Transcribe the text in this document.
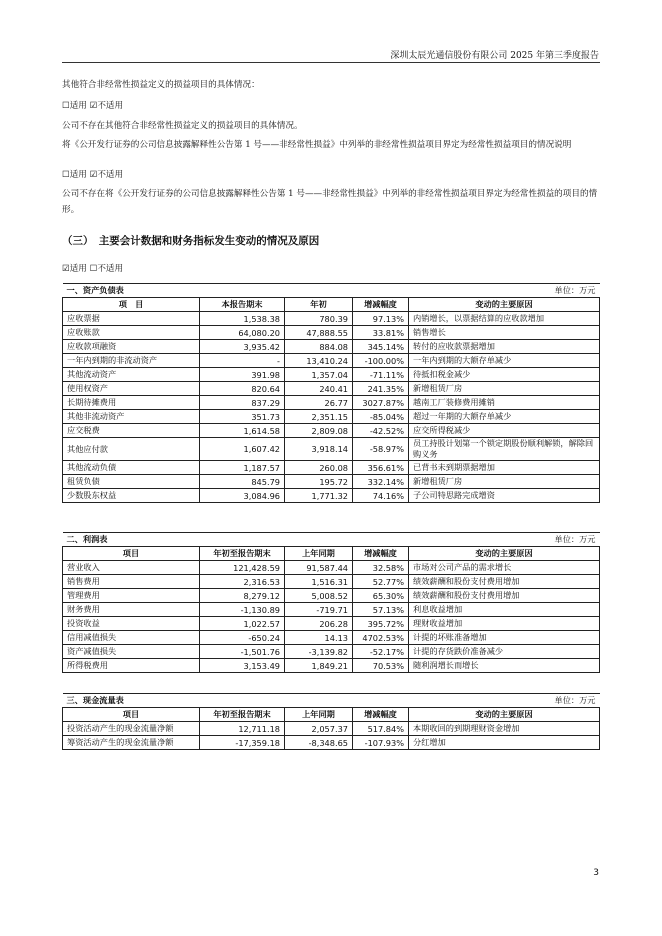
深圳太辰光通信股份有限公司 2025 年第三季度报告
其他符合非经常性损益定义的损益项目的具体情况：
☐适用 ☑不适用
公司不存在其他符合非经常性损益定义的损益项目的具体情况。
将《公开发行证券的公司信息披露解释性公告第 1 号——非经常性损益》中列举的非经常性损益项目界定为经常性损益项目的情况说明
☐适用 ☑不适用
公司不存在将《公开发行证券的公司信息披露解释性公告第 1 号——非经常性损益》中列举的非经常性损益项目界定为经常性损益的项目的情形。
（三）　主要会计数据和财务指标发生变动的情况及原因
☑适用 ☐不适用
一、资产负债表				单位：万元
项　目	本报告期末	年初	增减幅度	变动的主要原因
应收票据	1,538.38	780.39	97.13%	内销增长，以票据结算的应收款增加
应收账款	64,080.20	47,888.55	33.81%	销售增长
应收款项融资	3,935.42	884.08	345.14%	转付的应收款票据增加
一年内到期的非流动资产	-	13,410.24	-100.00%	一年内到期的大额存单减少
其他流动资产	391.98	1,357.04	-71.11%	待抵扣税金减少
使用权资产	820.64	240.41	241.35%	新增租赁厂房
长期待摊费用	837.29	26.77	3027.87%	越南工厂装修费用摊销
其他非流动资产	351.73	2,351.15	-85.04%	超过一年期的大额存单减少
应交税费	1,614.58	2,809.08	-42.52%	应交所得税减少
其他应付款	1,607.42	3,918.14	-58.97%	员工持股计划第一个锁定期股份顺利解锁，解除回购义务
其他流动负债	1,187.57	260.08	356.61%	已背书未到期票据增加
租赁负债	845.79	195.72	332.14%	新增租赁厂房
少数股东权益	3,084.96	1,771.32	74.16%	子公司特思路完成增资
二、利润表				单位：万元
项目	年初至报告期末	上年同期	增减幅度	变动的主要原因
营业收入	121,428.59	91,587.44	32.58%	市场对公司产品的需求增长
销售费用	2,316.53	1,516.31	52.77%	绩效薪酬和股份支付费用增加
管理费用	8,279.12	5,008.52	65.30%	绩效薪酬和股份支付费用增加
财务费用	-1,130.89	-719.71	57.13%	利息收益增加
投资收益	1,022.57	206.28	395.72%	理财收益增加
信用减值损失	-650.24	14.13	4702.53%	计提的坏账准备增加
资产减值损失	-1,501.76	-3,139.82	-52.17%	计提的存货跌价准备减少
所得税费用	3,153.49	1,849.21	70.53%	随利润增长而增长
三、现金流量表				单位：万元
项目	年初至报告期末	上年同期	增减幅度	变动的主要原因
投资活动产生的现金流量净额	12,711.18	2,057.37	517.84%	本期收回的到期理财资金增加
筹资活动产生的现金流量净额	-17,359.18	-8,348.65	-107.93%	分红增加
3
